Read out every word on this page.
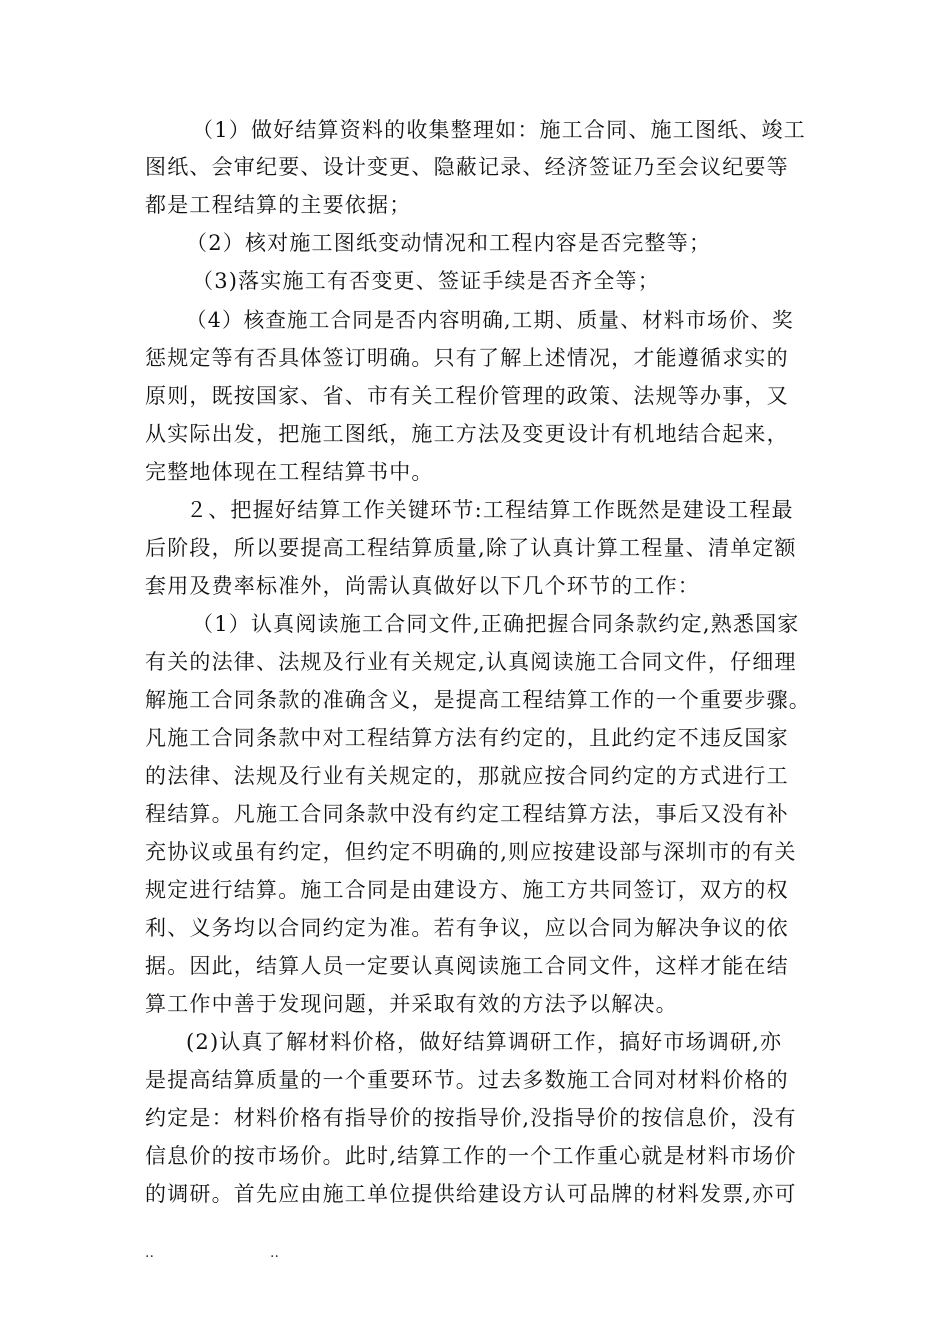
（1）做好结算资料的收集整理如：施工合同、施工图纸、竣工
图纸、会审纪要、设计变更、隐蔽记录、经济签证乃至会议纪要等
都是工程结算的主要依据；
（2）核对施工图纸变动情况和工程内容是否完整等；
（3)落实施工有否变更、签证手续是否齐全等；
（4）核查施工合同是否内容明确,工期、质量、材料市场价、奖
惩规定等有否具体签订明确。只有了解上述情况，才能遵循求实的
原则，既按国家、省、市有关工程价管理的政策、法规等办事，又
从实际出发，把施工图纸，施工方法及变更设计有机地结合起来，
完整地体现在工程结算书中。
２、把握好结算工作关键环节:工程结算工作既然是建设工程最
后阶段，所以要提高工程结算质量,除了认真计算工程量、清单定额
套用及费率标准外，尚需认真做好以下几个环节的工作：
（1）认真阅读施工合同文件,正确把握合同条款约定,熟悉国家
有关的法律、法规及行业有关规定,认真阅读施工合同文件，仔细理
解施工合同条款的准确含义，是提高工程结算工作的一个重要步骤。
凡施工合同条款中对工程结算方法有约定的，且此约定不违反国家
的法律、法规及行业有关规定的，那就应按合同约定的方式进行工
程结算。凡施工合同条款中没有约定工程结算方法，事后又没有补
充协议或虽有约定，但约定不明确的,则应按建设部与深圳市的有关
规定进行结算。施工合同是由建设方、施工方共同签订，双方的权
利、义务均以合同约定为准。若有争议，应以合同为解决争议的依
据。因此，结算人员一定要认真阅读施工合同文件，这样才能在结
算工作中善于发现问题，并采取有效的方法予以解决。
(2)认真了解材料价格，做好结算调研工作，搞好市场调研,亦
是提高结算质量的一个重要环节。过去多数施工合同对材料价格的
约定是：材料价格有指导价的按指导价,没指导价的按信息价，没有
信息价的按市场价。此时,结算工作的一个工作重心就是材料市场价
的调研。首先应由施工单位提供给建设方认可品牌的材料发票,亦可
..	..
